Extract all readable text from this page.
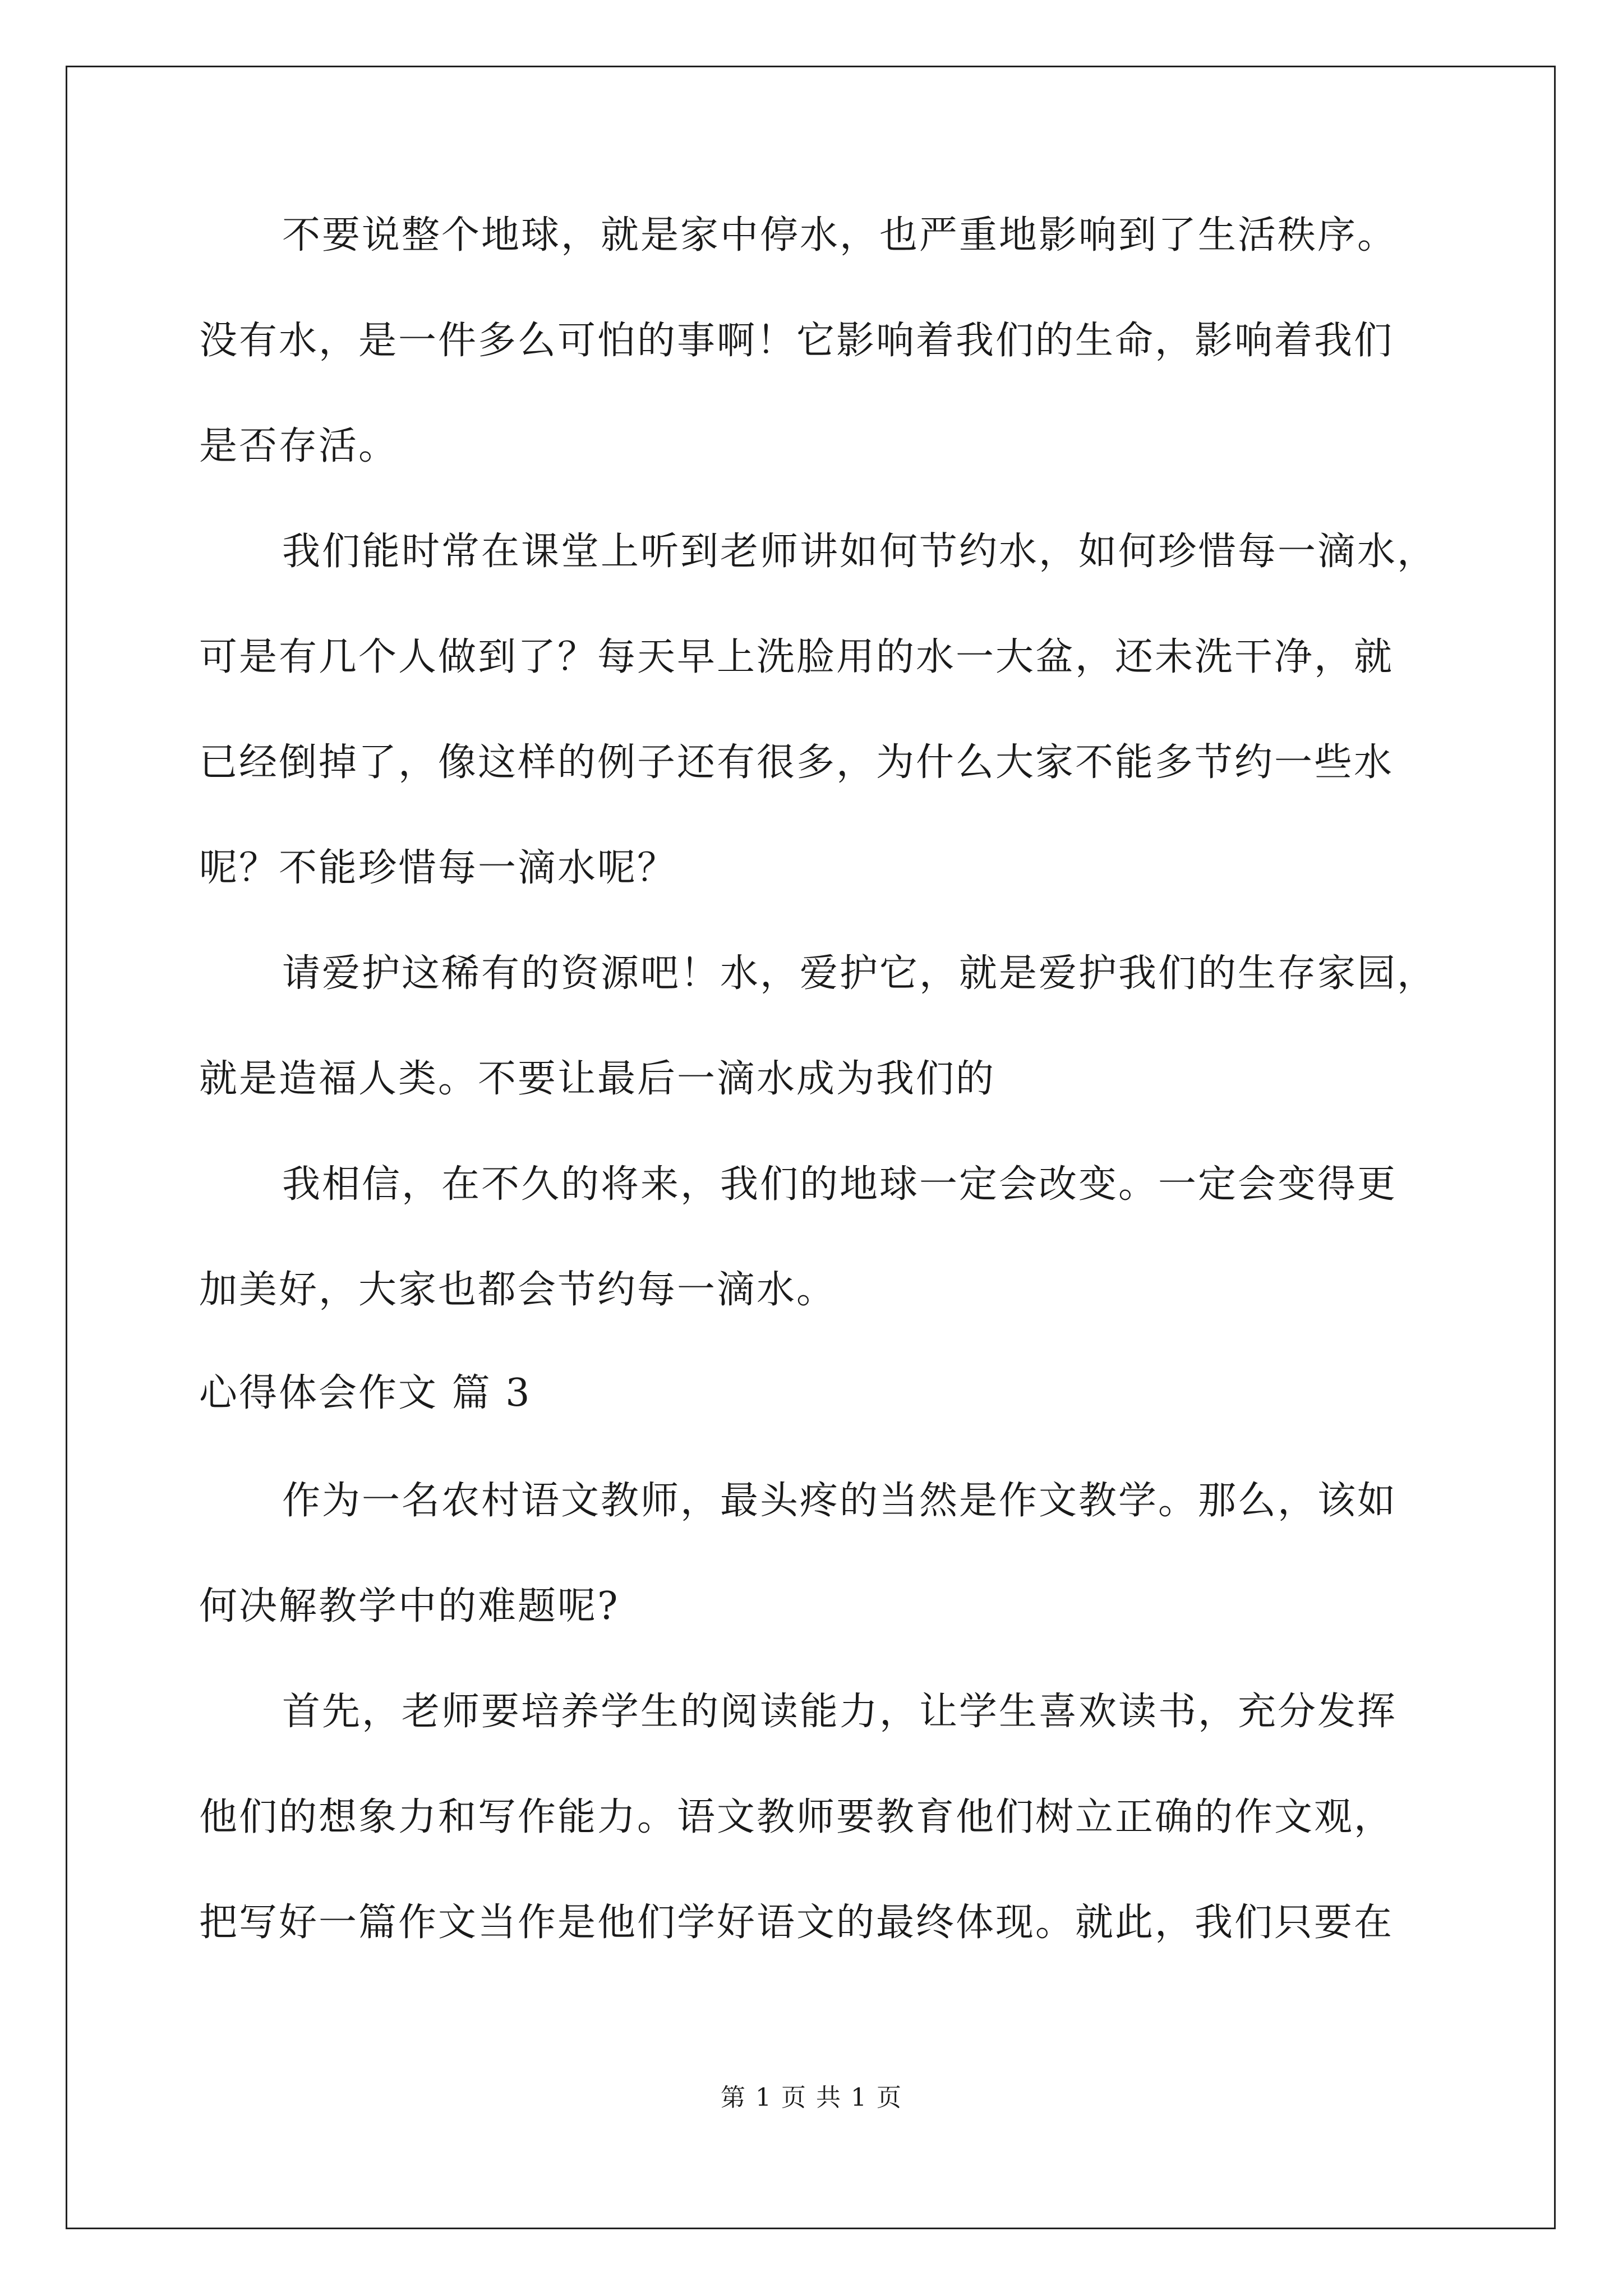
不要说整个地球，就是家中停水，也严重地影响到了生活秩序。
没有水，是一件多么可怕的事啊！它影响着我们的生命，影响着我们
是否存活。
我们能时常在课堂上听到老师讲如何节约水，如何珍惜每一滴水，
可是有几个人做到了？每天早上洗脸用的水一大盆，还未洗干净，就
已经倒掉了，像这样的例子还有很多，为什么大家不能多节约一些水
呢？不能珍惜每一滴水呢？
请爱护这稀有的资源吧！水，爱护它，就是爱护我们的生存家园，
就是造福人类。不要让最后一滴水成为我们的
我相信，在不久的将来，我们的地球一定会改变。一定会变得更
加美好，大家也都会节约每一滴水。
心得体会作文 篇 3
作为一名农村语文教师，最头疼的当然是作文教学。那么，该如
何决解教学中的难题呢?
首先，老师要培养学生的阅读能力，让学生喜欢读书，充分发挥
他们的想象力和写作能力。语文教师要教育他们树立正确的作文观，
把写好一篇作文当作是他们学好语文的最终体现。就此，我们只要在
第 1 页 共 1 页
